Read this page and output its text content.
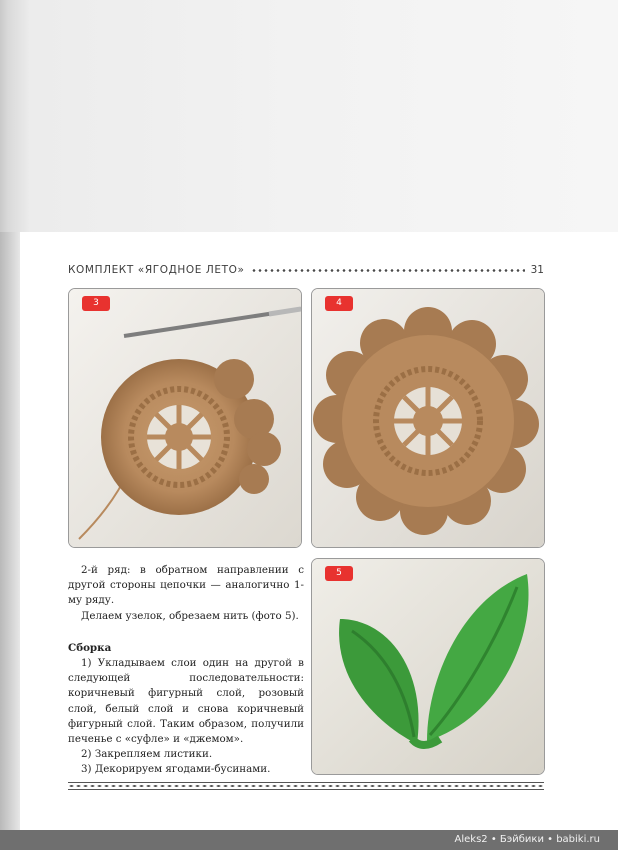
КОМПЛЕКТ «ЯГОДНОЕ ЛЕТО»	31
3	4
5

2-й ряд: в обратном направлении с другой стороны цепочки — аналогично 1-му ряду.

Делаем узелок, обрезаем нить (фото 5).

Сборка

1) Укладываем слои один на другой в следующей последовательности: коричневый фигурный слой, розовый слой, белый слой и снова коричневый фигурный слой. Таким образом, получили печенье с «суфле» и «джемом».

2) Закрепляем листики.

3) Декорируем ягодами-бусинами.

Aleks2 • Бэйбики • babiki.ru
